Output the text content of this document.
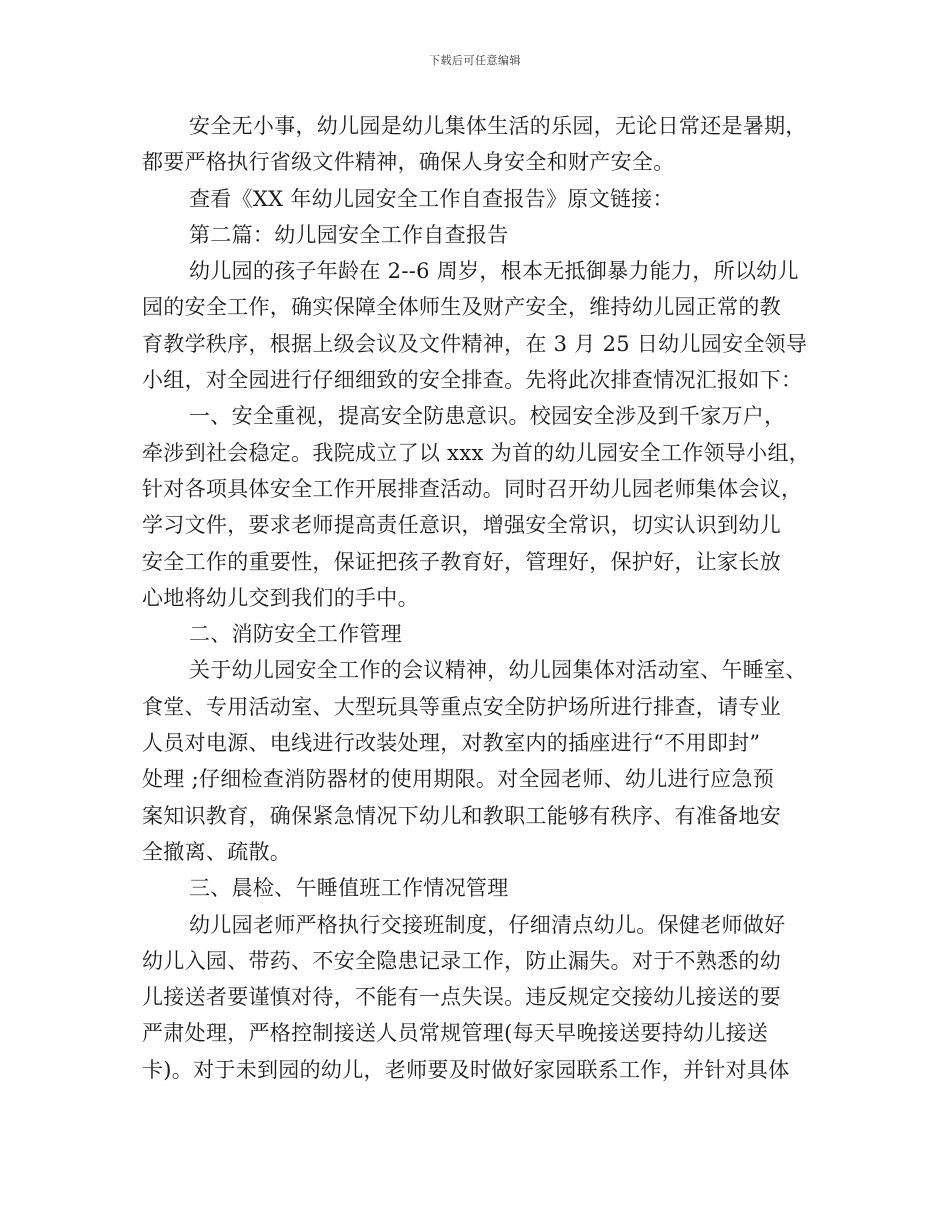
下载后可任意编辑
安全无小事，幼儿园是幼儿集体生活的乐园，无论日常还是暑期，
都要严格执行省级文件精神，确保人身安全和财产安全。
查看《XX 年幼儿园安全工作自查报告》原文链接：
第二篇：幼儿园安全工作自查报告
幼儿园的孩子年龄在 2--6 周岁，根本无抵御暴力能力，所以幼儿
园的安全工作，确实保障全体师生及财产安全，维持幼儿园正常的教
育教学秩序，根据上级会议及文件精神，在 3 月 25 日幼儿园安全领导
小组，对全园进行仔细细致的安全排查。先将此次排查情况汇报如下：
一、安全重视，提高安全防患意识。校园安全涉及到千家万户，
牵涉到社会稳定。我院成立了以 xxx 为首的幼儿园安全工作领导小组，
针对各项具体安全工作开展排查活动。同时召开幼儿园老师集体会议，
学习文件，要求老师提高责任意识，增强安全常识，切实认识到幼儿
安全工作的重要性，保证把孩子教育好，管理好，保护好，让家长放
心地将幼儿交到我们的手中。
二、消防安全工作管理
关于幼儿园安全工作的会议精神，幼儿园集体对活动室、午睡室、
食堂、专用活动室、大型玩具等重点安全防护场所进行排查，请专业
人员对电源、电线进行改装处理，对教室内的插座进行“不用即封”
处理 ;仔细检查消防器材的使用期限。对全园老师、幼儿进行应急预
案知识教育，确保紧急情况下幼儿和教职工能够有秩序、有准备地安
全撤离、疏散。
三、晨检、午睡值班工作情况管理
幼儿园老师严格执行交接班制度，仔细清点幼儿。保健老师做好
幼儿入园、带药、不安全隐患记录工作，防止漏失。对于不熟悉的幼
儿接送者要谨慎对待，不能有一点失误。违反规定交接幼儿接送的要
严肃处理，严格控制接送人员常规管理(每天早晚接送要持幼儿接送
卡)。对于未到园的幼儿，老师要及时做好家园联系工作，并针对具体
